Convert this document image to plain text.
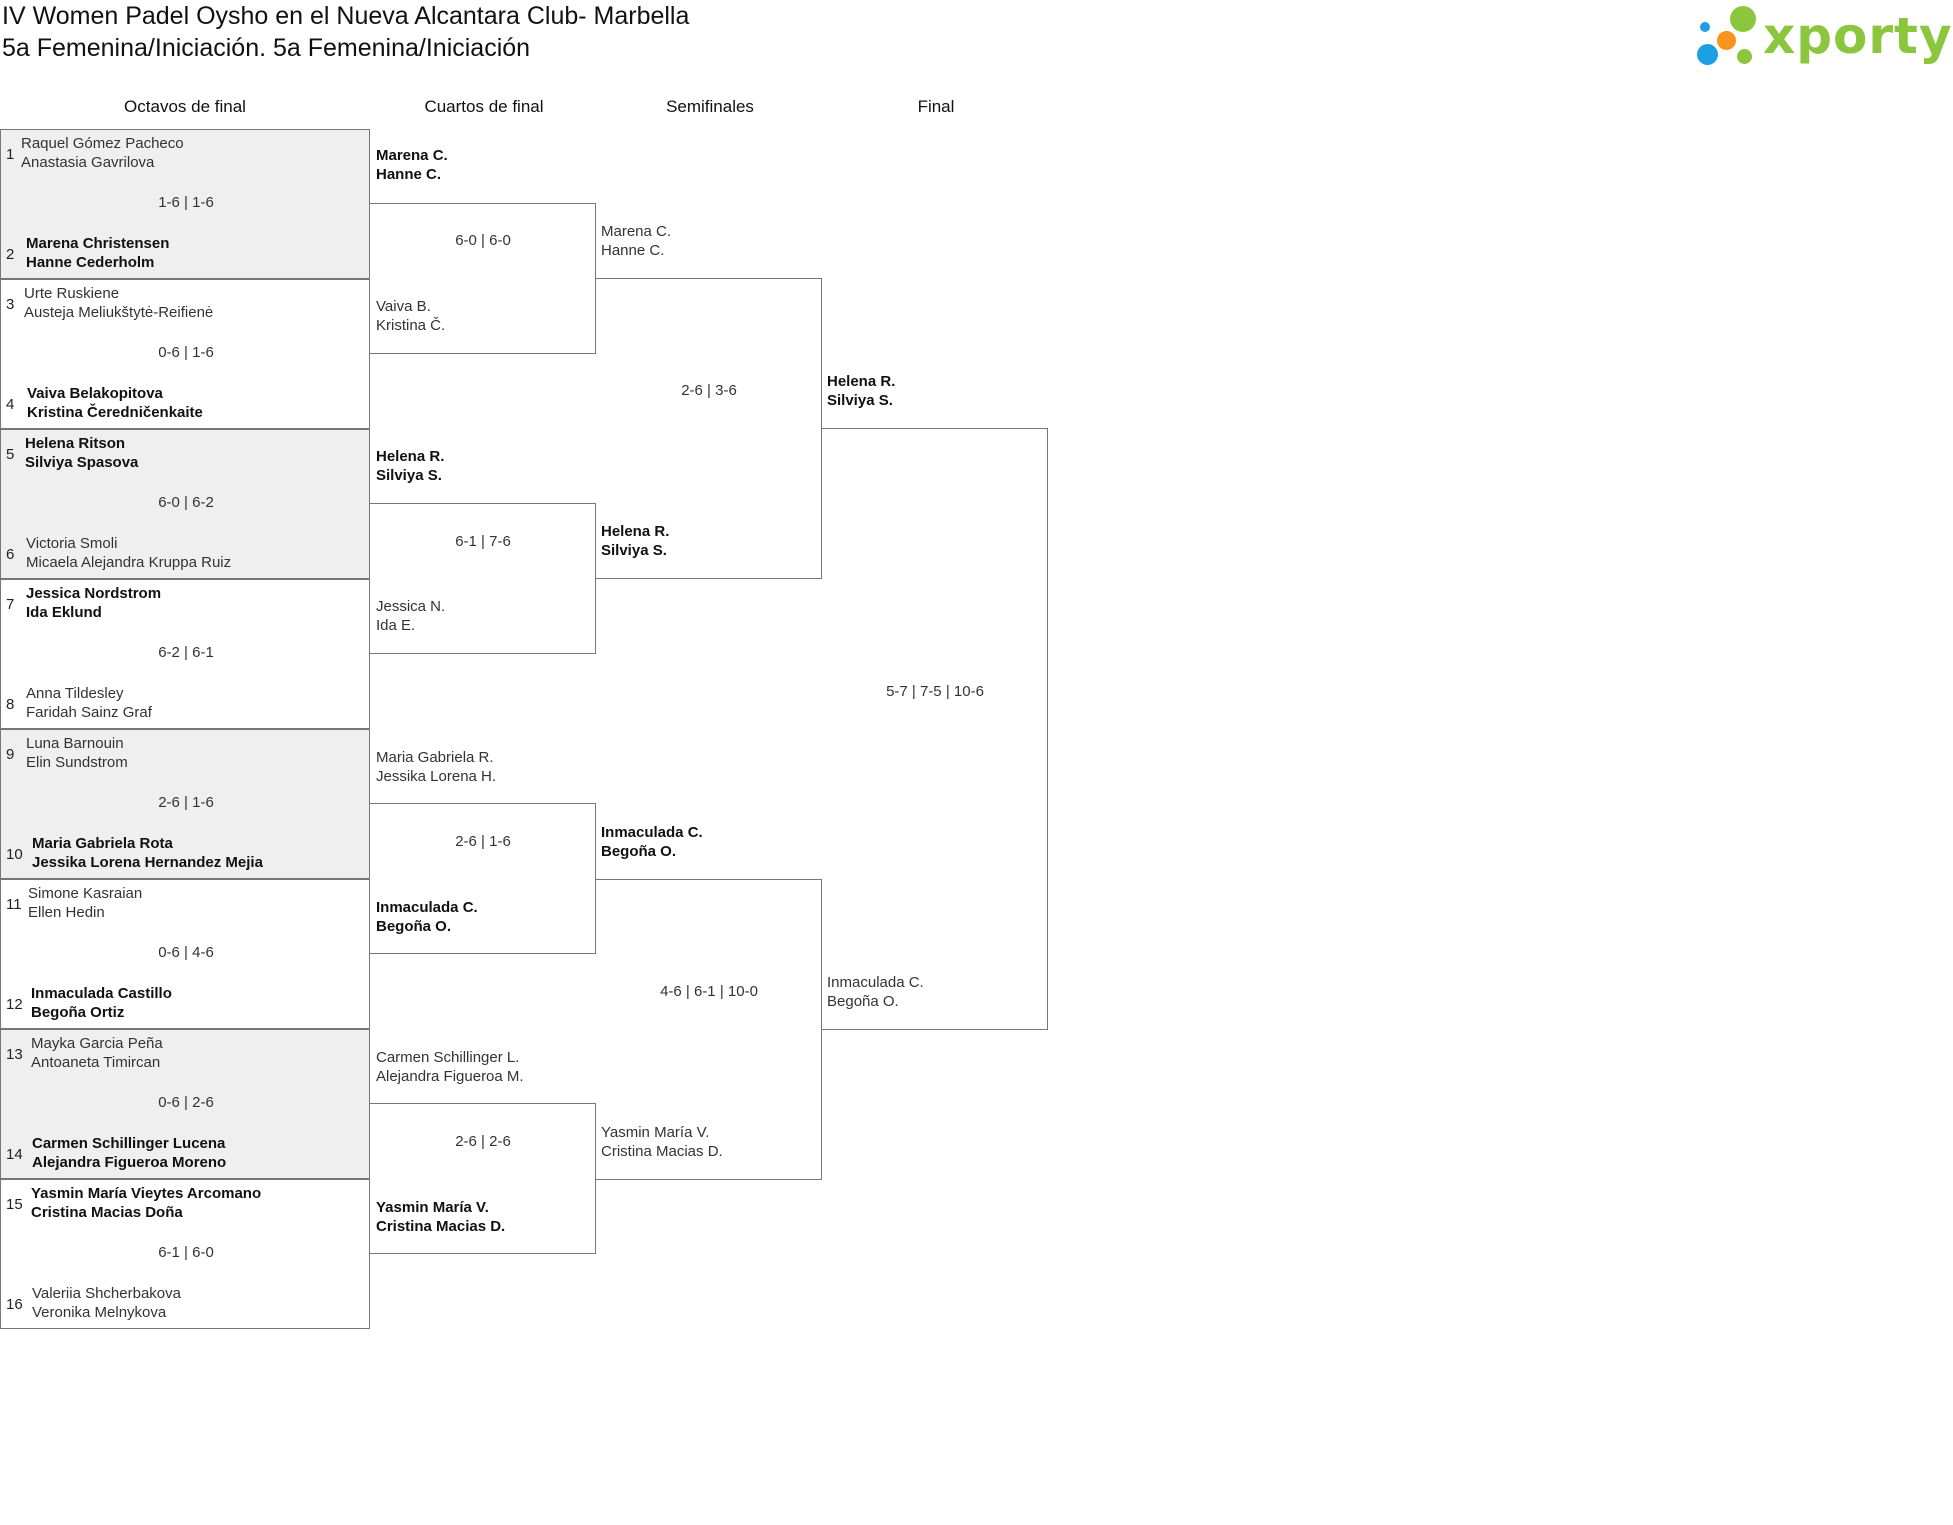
IV Women Padel Oysho en el Nueva Alcantara Club- Marbella
5a Femenina/Iniciación. 5a Femenina/Iniciación	xporty
Octavos de final	Cuartos de final	Semifinales	Final
1
Raquel Gómez Pacheco
Anastasia Gavrilova
1-6 | 1-6
2
Marena Christensen
Hanne Cederholm
3
Urte Ruskiene
Austeja Meliukštytė-Reifienė
0-6 | 1-6
4
Vaiva Belakopitova
Kristina Čeredničenkaite
5
Helena Ritson
Silviya Spasova
6-0 | 6-2
6
Victoria Smoli
Micaela Alejandra Kruppa Ruiz
7
Jessica Nordstrom
Ida Eklund
6-2 | 6-1
8
Anna Tildesley
Faridah Sainz Graf
9
Luna Barnouin
Elin Sundstrom
2-6 | 1-6
10
Maria Gabriela Rota
Jessika Lorena Hernandez Mejia
11
Simone Kasraian
Ellen Hedin
0-6 | 4-6
12
Inmaculada Castillo
Begoña Ortiz
13
Mayka Garcia Peña
Antoaneta Timircan
0-6 | 2-6
14
Carmen Schillinger Lucena
Alejandra Figueroa Moreno
15
Yasmin María Vieytes Arcomano
Cristina Macias Doña
6-1 | 6-0
16
Valeriia Shcherbakova
Veronika Melnykova
Marena C.
Hanne C.
6-0 | 6-0
Vaiva B.
Kristina Č.
Helena R.
Silviya S.
6-1 | 7-6
Jessica N.
Ida E.
Maria Gabriela R.
Jessika Lorena H.
2-6 | 1-6
Inmaculada C.
Begoña O.
Carmen Schillinger L.
Alejandra Figueroa M.
2-6 | 2-6
Yasmin María V.
Cristina Macias D.
Marena C.
Hanne C.
2-6 | 3-6
Helena R.
Silviya S.
Inmaculada C.
Begoña O.
4-6 | 6-1 | 10-0
Yasmin María V.
Cristina Macias D.
Helena R.
Silviya S.
5-7 | 7-5 | 10-6
Inmaculada C.
Begoña O.
